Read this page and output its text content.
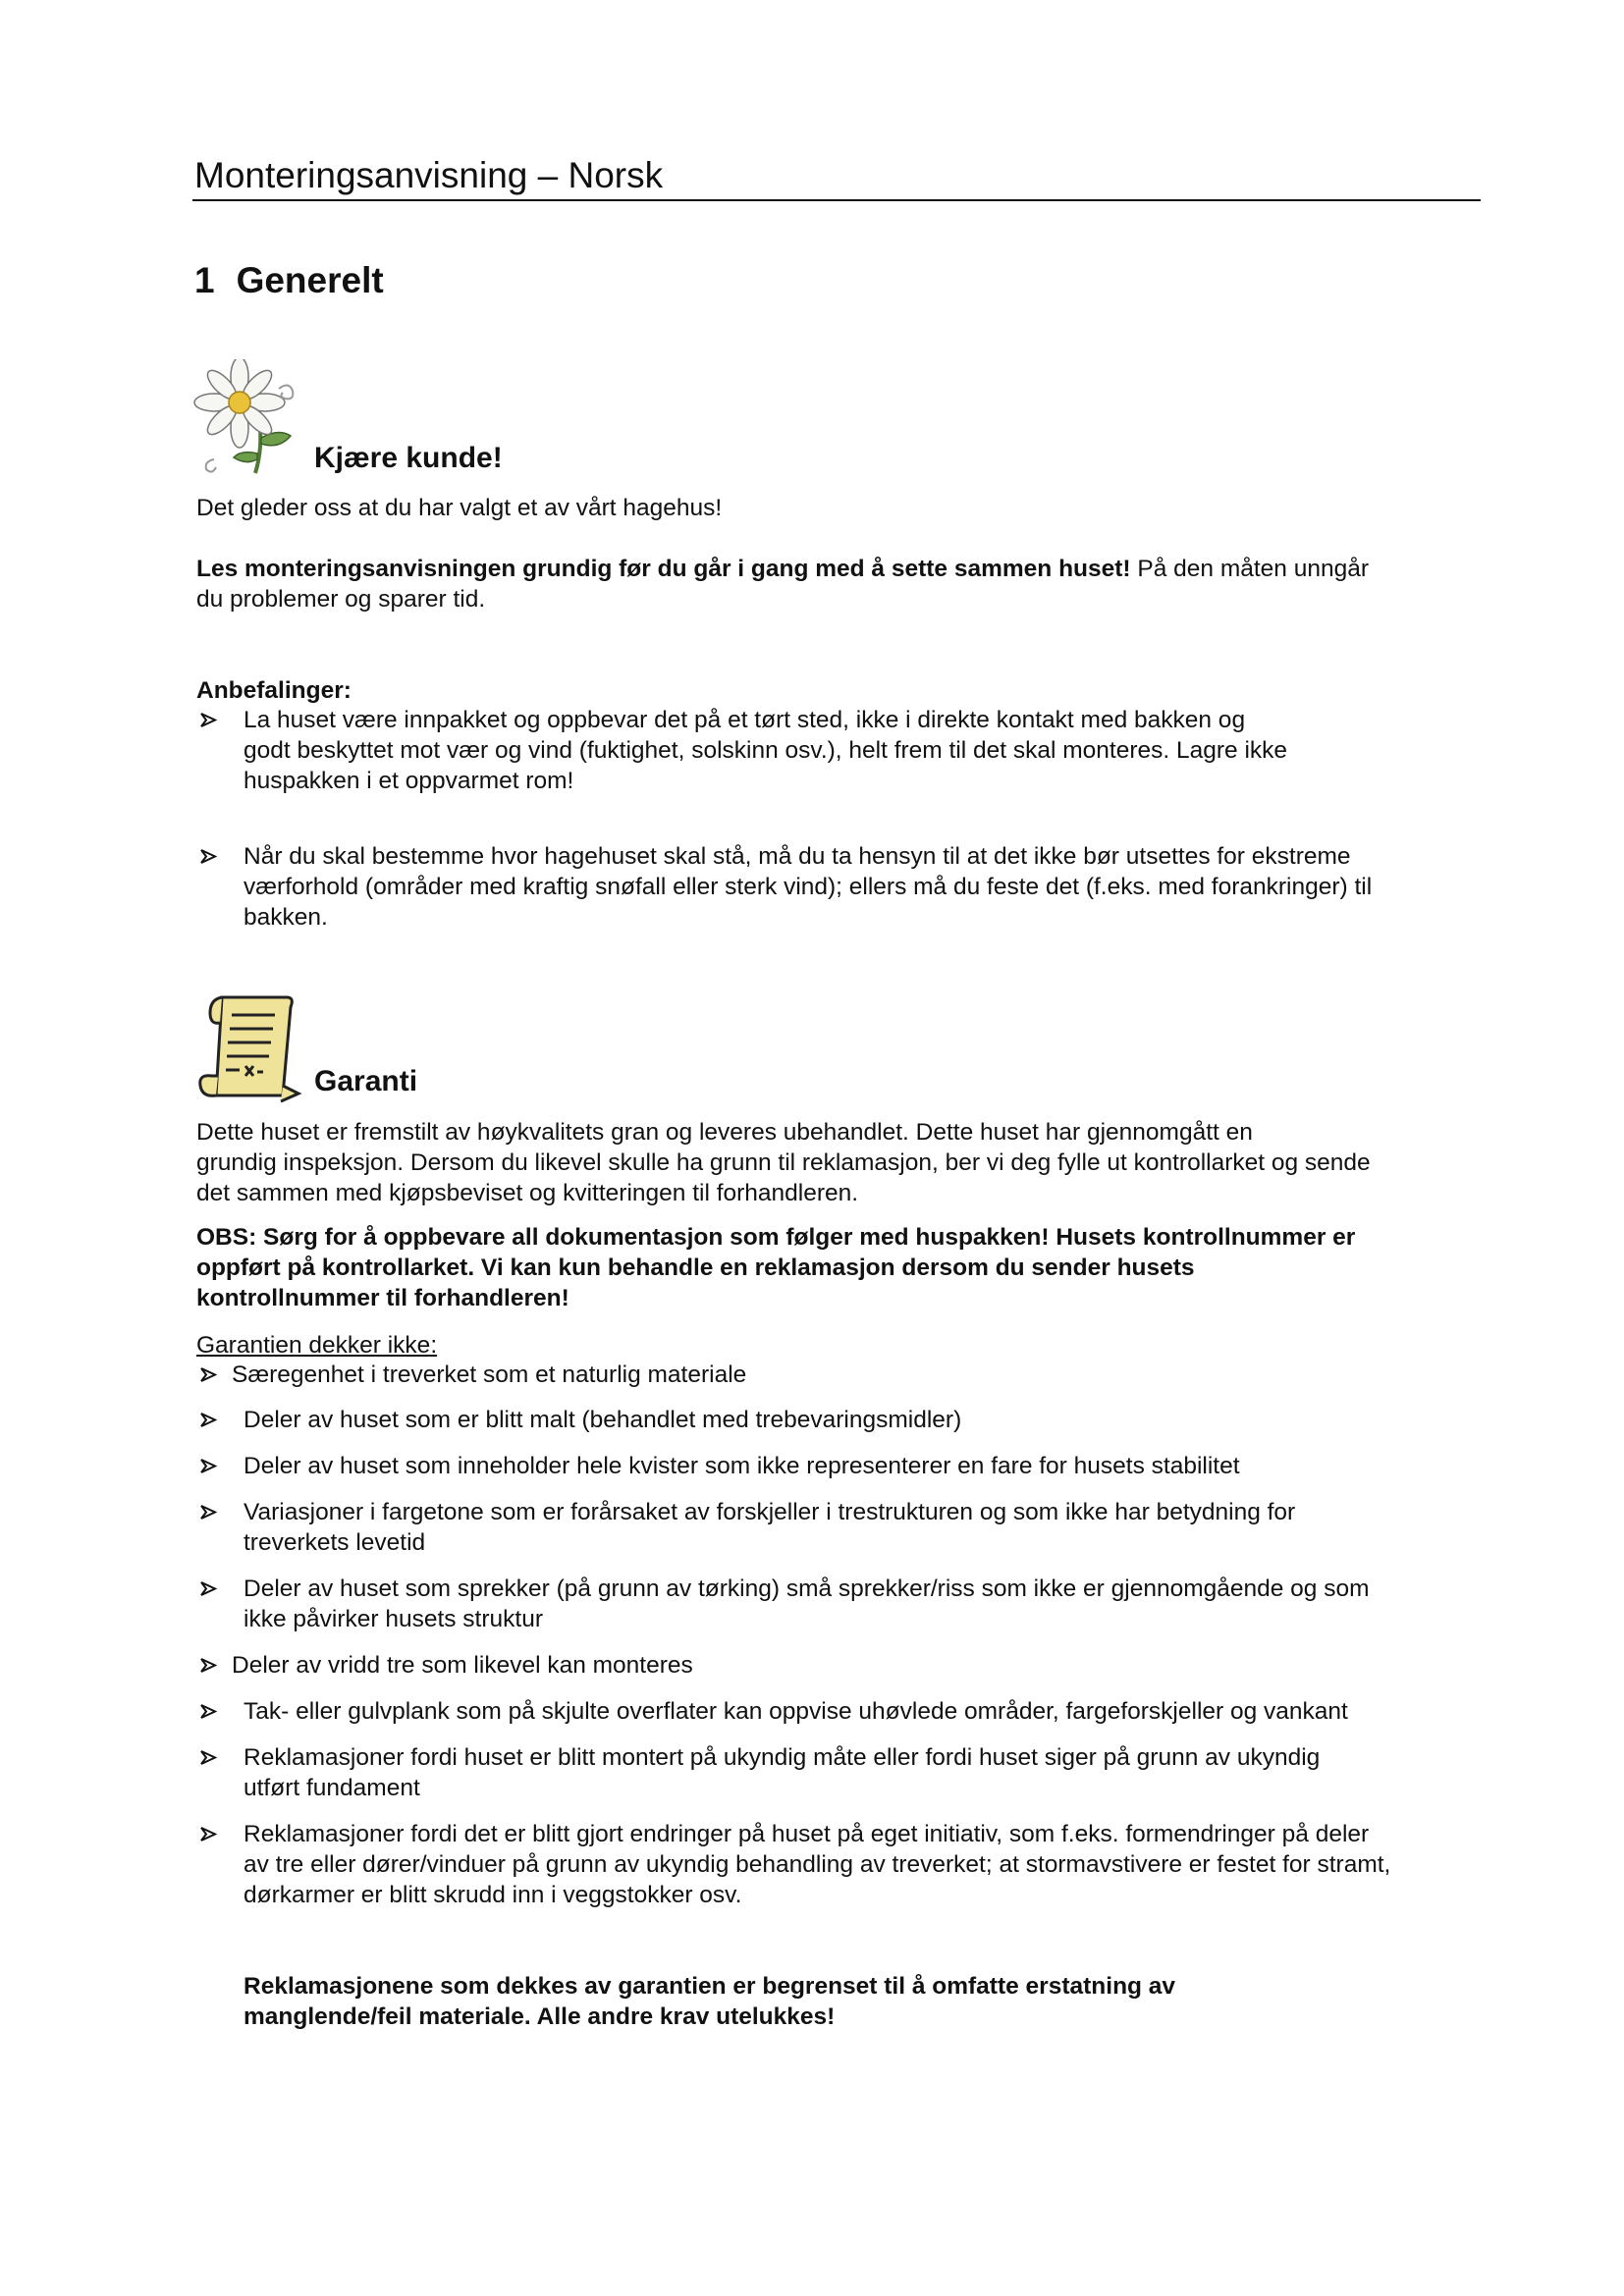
Monteringsanvisning – Norsk
1 Generelt
Kjære kunde!
Det gleder oss at du har valgt et av vårt hagehus!
Les monteringsanvisningen grundig før du går i gang med å sette sammen huset! På den måten unngår
du problemer og sparer tid.
Anbefalinger:
La huset være innpakket og oppbevar det på et tørt sted, ikke i direkte kontakt med bakken og
godt beskyttet mot vær og vind (fuktighet, solskinn osv.), helt frem til det skal monteres. Lagre ikke
huspakken i et oppvarmet rom!
Når du skal bestemme hvor hagehuset skal stå, må du ta hensyn til at det ikke bør utsettes for ekstreme
værforhold (områder med kraftig snøfall eller sterk vind); ellers må du feste det (f.eks. med forankringer) til
bakken.
Garanti
Dette huset er fremstilt av høykvalitets gran og leveres ubehandlet. Dette huset har gjennomgått en
grundig inspeksjon. Dersom du likevel skulle ha grunn til reklamasjon, ber vi deg fylle ut kontrollarket og sende
det sammen med kjøpsbeviset og kvitteringen til forhandleren.
OBS: Sørg for å oppbevare all dokumentasjon som følger med huspakken! Husets kontrollnummer er
oppført på kontrollarket. Vi kan kun behandle en reklamasjon dersom du sender husets
kontrollnummer til forhandleren!
Garantien dekker ikke:
Særegenhet i treverket som et naturlig materiale
Deler av huset som er blitt malt (behandlet med trebevaringsmidler)
Deler av huset som inneholder hele kvister som ikke representerer en fare for husets stabilitet
Variasjoner i fargetone som er forårsaket av forskjeller i trestrukturen og som ikke har betydning for
treverkets levetid
Deler av huset som sprekker (på grunn av tørking) små sprekker/riss som ikke er gjennomgående og som
ikke påvirker husets struktur
Deler av vridd tre som likevel kan monteres
Tak- eller gulvplank som på skjulte overflater kan oppvise uhøvlede områder, fargeforskjeller og vankant
Reklamasjoner fordi huset er blitt montert på ukyndig måte eller fordi huset siger på grunn av ukyndig
utført fundament
Reklamasjoner fordi det er blitt gjort endringer på huset på eget initiativ, som f.eks. formendringer på deler
av tre eller dører/vinduer på grunn av ukyndig behandling av treverket; at stormavstivere er festet for stramt,
dørkarmer er blitt skrudd inn i veggstokker osv.
Reklamasjonene som dekkes av garantien er begrenset til å omfatte erstatning av
manglende/feil materiale. Alle andre krav utelukkes!
